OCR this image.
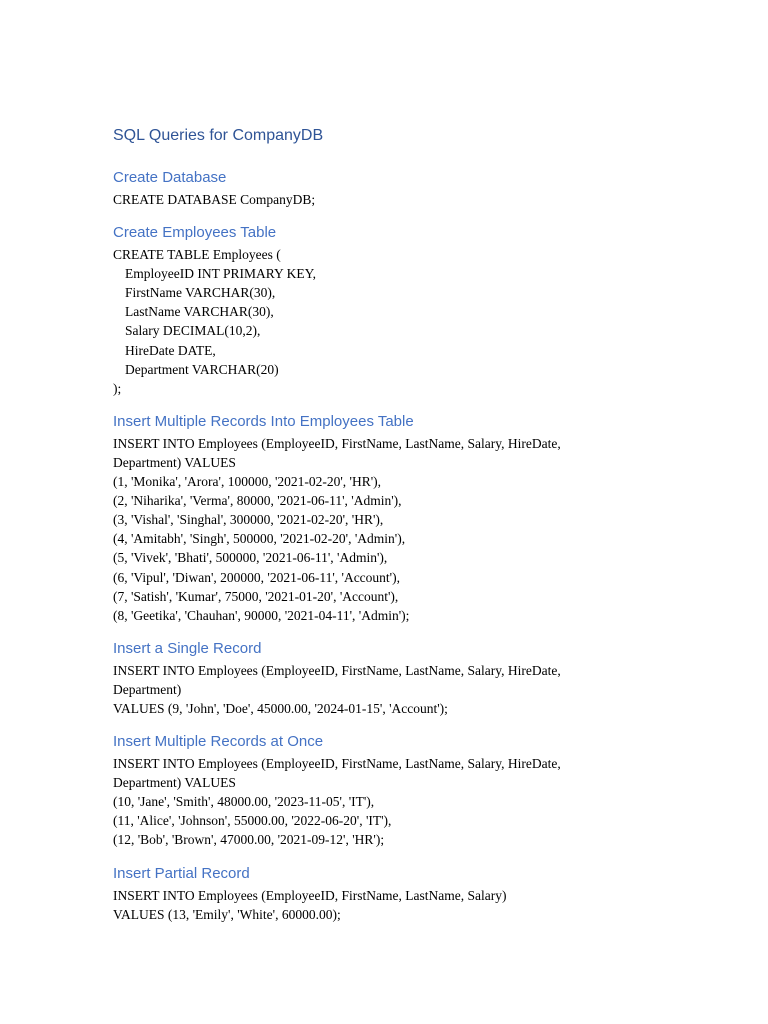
SQL Queries for CompanyDB
Create Database
CREATE DATABASE CompanyDB;
Create Employees Table
CREATE TABLE Employees (
EmployeeID INT PRIMARY KEY,
FirstName VARCHAR(30),
LastName VARCHAR(30),
Salary DECIMAL(10,2),
HireDate DATE,
Department VARCHAR(20)
);
Insert Multiple Records Into Employees Table
INSERT INTO Employees (EmployeeID, FirstName, LastName, Salary, HireDate,
Department) VALUES
(1, 'Monika', 'Arora', 100000, '2021-02-20', 'HR'),
(2, 'Niharika', 'Verma', 80000, '2021-06-11', 'Admin'),
(3, 'Vishal', 'Singhal', 300000, '2021-02-20', 'HR'),
(4, 'Amitabh', 'Singh', 500000, '2021-02-20', 'Admin'),
(5, 'Vivek', 'Bhati', 500000, '2021-06-11', 'Admin'),
(6, 'Vipul', 'Diwan', 200000, '2021-06-11', 'Account'),
(7, 'Satish', 'Kumar', 75000, '2021-01-20', 'Account'),
(8, 'Geetika', 'Chauhan', 90000, '2021-04-11', 'Admin');
Insert a Single Record
INSERT INTO Employees (EmployeeID, FirstName, LastName, Salary, HireDate,
Department)
VALUES (9, 'John', 'Doe', 45000.00, '2024-01-15', 'Account');
Insert Multiple Records at Once
INSERT INTO Employees (EmployeeID, FirstName, LastName, Salary, HireDate,
Department) VALUES
(10, 'Jane', 'Smith', 48000.00, '2023-11-05', 'IT'),
(11, 'Alice', 'Johnson', 55000.00, '2022-06-20', 'IT'),
(12, 'Bob', 'Brown', 47000.00, '2021-09-12', 'HR');
Insert Partial Record
INSERT INTO Employees (EmployeeID, FirstName, LastName, Salary)
VALUES (13, 'Emily', 'White', 60000.00);
